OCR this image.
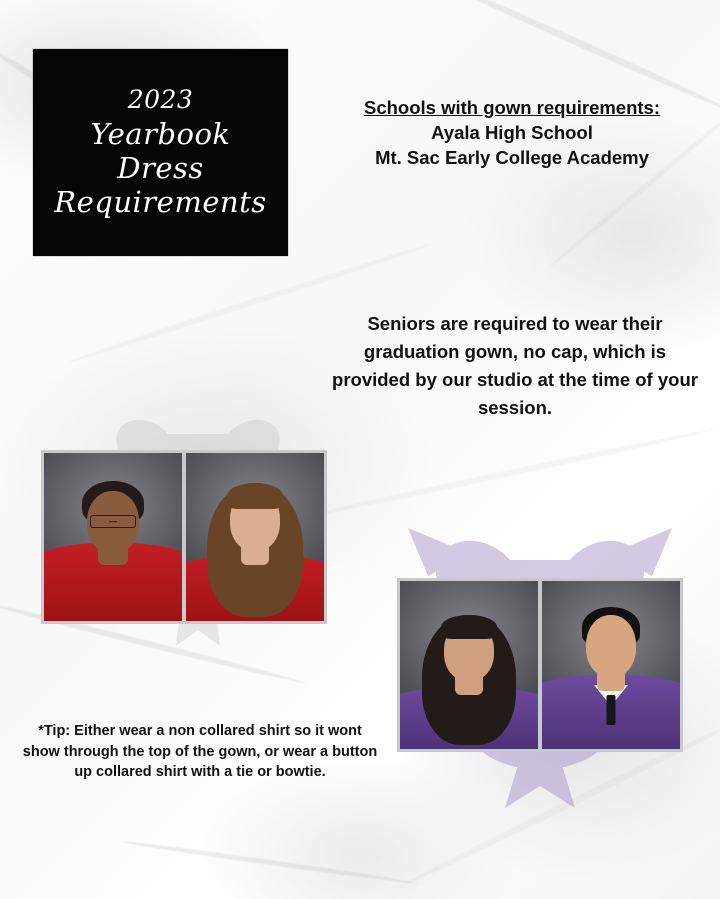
2023
Yearbook
Dress
Requirements
Schools with gown requirements:
Ayala High School
Mt. Sac Early College Academy
Seniors are required to wear their graduation gown, no cap, which is provided by our studio at the time of your session.
*Tip: Either wear a non collared shirt so it wont show through the top of the gown, or wear a button up collared shirt with a tie or bowtie.
